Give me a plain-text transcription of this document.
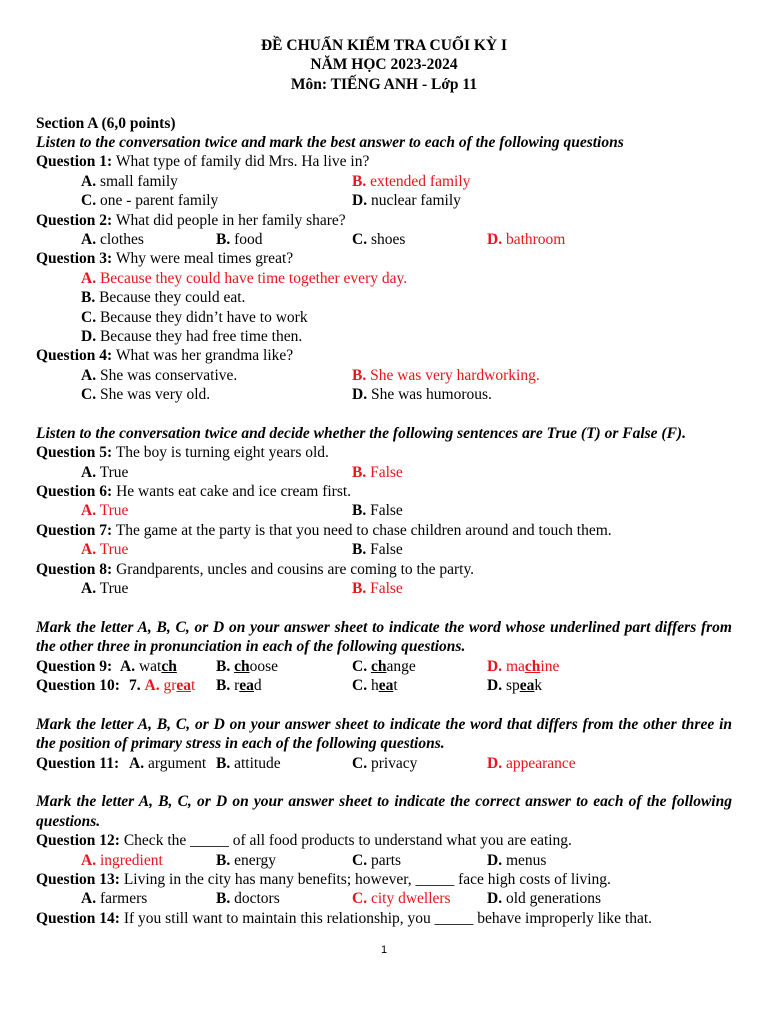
ĐỀ CHUẨN KIỂM TRA CUỐI KỲ I
NĂM HỌC 2023-2024
Môn: TIẾNG ANH - Lớp 11
Section A (6,0 points)
Listen to the conversation twice and mark the best answer to each of the following questions
Question 1: What type of family did Mrs. Ha live in?
A. small family	B. extended family
C. one - parent family	D. nuclear family
Question 2: What did people in her family share?
A. clothes	B. food	C. shoes	D. bathroom
Question 3: Why were meal times great?
A. Because they could have time together every day.
B. Because they could eat.
C. Because they didn’t have to work
D. Because they had free time then.
Question 4: What was her grandma like?
A. She was conservative.	B. She was very hardworking.
C. She was very old.	D. She was humorous.
Listen to the conversation twice and decide whether the following sentences are True (T) or False (F).
Question 5: The boy is turning eight years old.
A. True	B. False
Question 6: He wants eat cake and ice cream first.
A. True	B. False
Question 7: The game at the party is that you need to chase children around and touch them.
A. True	B. False
Question 8: Grandparents, uncles and cousins are coming to the party.
A. True	B. False
Mark the letter A, B, C, or D on your answer sheet to indicate the word whose underlined part differs from the other three in pronunciation in each of the following questions.
Question 9: A. watch	B. choose	C. change	D. machine
Question 10: 7. A. great B. read	C. heat	D. speak
Mark the letter A, B, C, or D on your answer sheet to indicate the word that differs from the other three in the position of primary stress in each of the following questions.
Question 11: A. argument B. attitude	C. privacy	D. appearance
Mark the letter A, B, C, or D on your answer sheet to indicate the correct answer to each of the following questions.
Question 12: Check the _____ of all food products to understand what you are eating.
A. ingredient	B. energy	C. parts	D. menus
Question 13: Living in the city has many benefits; however, _____ face high costs of living.
A. farmers	B. doctors	C. city dwellers D. old generations
Question 14: If you still want to maintain this relationship, you _____ behave improperly like that.
1
